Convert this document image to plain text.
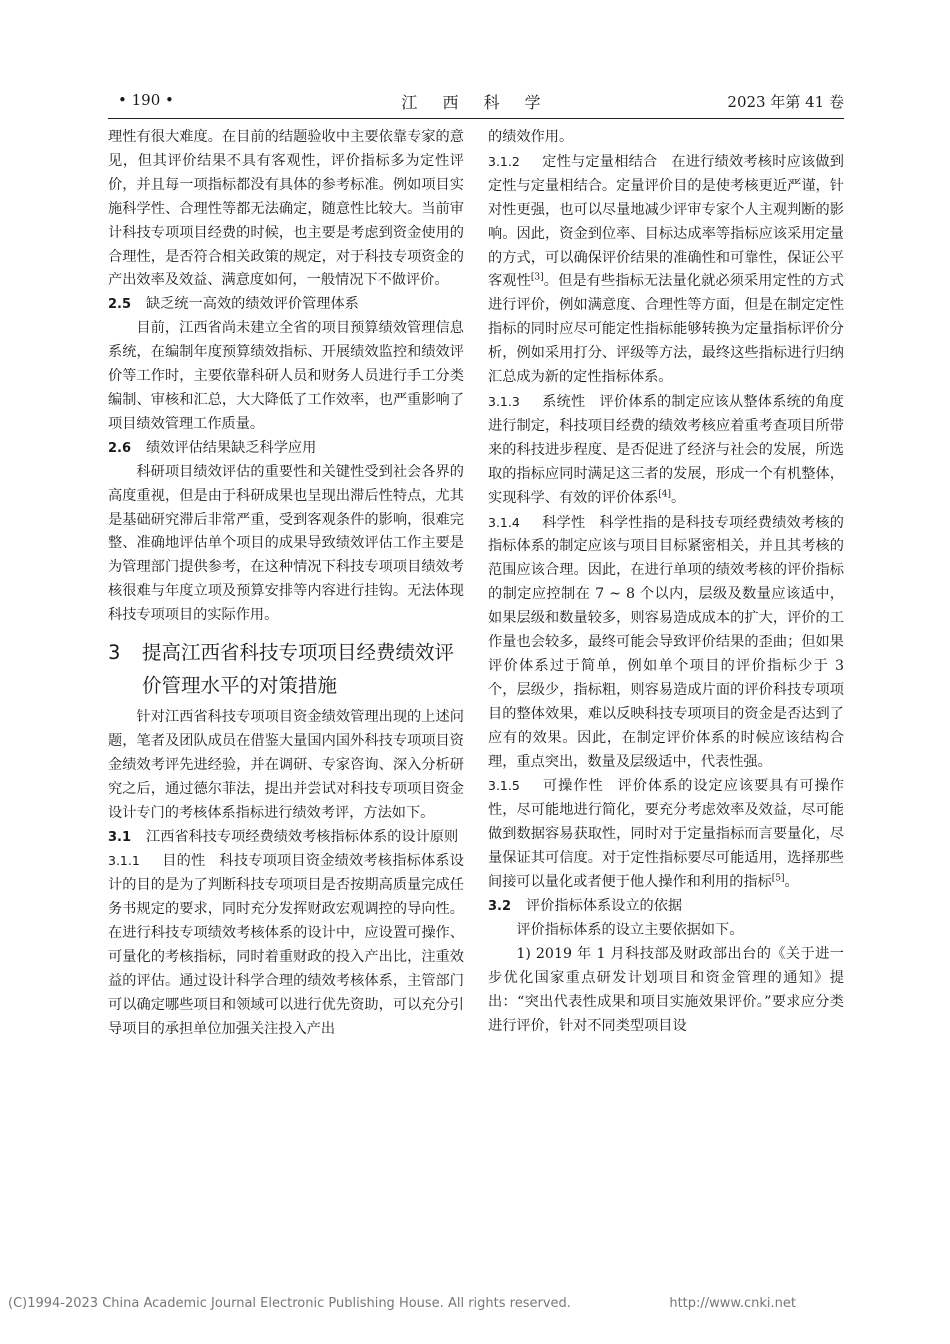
• 190 •	江 西 科 学	2023 年第 41 卷

理性有很大难度。在目前的结题验收中主要依靠专家的意见，但其评价结果不具有客观性，评价指标多为定性评价，并且每一项指标都没有具体的参考标准。例如项目实施科学性、合理性等都无法确定，随意性比较大。当前审计科技专项项目经费的时候，也主要是考虑到资金使用的合理性，是否符合相关政策的规定，对于科技专项资金的产出效率及效益、满意度如何，一般情况下不做评价。

2.5 缺乏统一高效的绩效评价管理体系

目前，江西省尚未建立全省的项目预算绩效管理信息系统，在编制年度预算绩效指标、开展绩效监控和绩效评价等工作时，主要依靠科研人员和财务人员进行手工分类编制、审核和汇总，大大降低了工作效率，也严重影响了项目绩效管理工作质量。

2.6 绩效评估结果缺乏科学应用

科研项目绩效评估的重要性和关键性受到社会各界的高度重视，但是由于科研成果也呈现出滞后性特点，尤其是基础研究滞后非常严重，受到客观条件的影响，很难完整、准确地评估单个项目的成果导致绩效评估工作主要是为管理部门提供参考，在这种情况下科技专项项目绩效考核很难与年度立项及预算安排等内容进行挂钩。无法体现科技专项项目的实际作用。

3	提高江西省科技专项项目经费绩效评价管理水平的对策措施

针对江西省科技专项项目资金绩效管理出现的上述问题，笔者及团队成员在借鉴大量国内国外科技专项项目资金绩效考评先进经验，并在调研、专家咨询、深入分析研究之后，通过德尔菲法，提出并尝试对科技专项项目资金设计专门的考核体系指标进行绩效考评，方法如下。

3.1	江西省科技专项经费绩效考核指标体系的设计原则

3.1.1 目的性 科技专项项目资金绩效考核指标体系设计的目的是为了判断科技专项项目是否按期高质量完成任务书规定的要求，同时充分发挥财政宏观调控的导向性。在进行科技专项绩效考核体系的设计中，应设置可操作、可量化的考核指标，同时着重财政的投入产出比，注重效益的评估。通过设计科学合理的绩效考核体系，主管部门可以确定哪些项目和领域可以进行优先资助，可以充分引导项目的承担单位加强关注投入产出

的绩效作用。

3.1.2 定性与定量相结合 在进行绩效考核时应该做到定性与定量相结合。定量评价目的是使考核更近严谨，针对性更强，也可以尽量地减少评审专家个人主观判断的影响。因此，资金到位率、目标达成率等指标应该采用定量的方式，可以确保评价结果的准确性和可靠性，保证公平客观性[3]。但是有些指标无法量化就必须采用定性的方式进行评价，例如满意度、合理性等方面，但是在制定定性指标的同时应尽可能定性指标能够转换为定量指标评价分析，例如采用打分、评级等方法，最终这些指标进行归纳汇总成为新的定性指标体系。

3.1.3 系统性 评价体系的制定应该从整体系统的角度进行制定，科技项目经费的绩效考核应着重考查项目所带来的科技进步程度、是否促进了经济与社会的发展，所选取的指标应同时满足这三者的发展，形成一个有机整体，实现科学、有效的评价体系[4]。

3.1.4 科学性 科学性指的是科技专项经费绩效考核的指标体系的制定应该与项目目标紧密相关，并且其考核的范围应该合理。因此，在进行单项的绩效考核的评价指标的制定应控制在 7 ~ 8 个以内，层级及数量应该适中，如果层级和数量较多，则容易造成成本的扩大，评价的工作量也会较多，最终可能会导致评价结果的歪曲；但如果评价体系过于简单，例如单个项目的评价指标少于 3 个，层级少，指标粗，则容易造成片面的评价科技专项项目的整体效果，难以反映科技专项项目的资金是否达到了应有的效果。因此，在制定评价体系的时候应该结构合理，重点突出，数量及层级适中，代表性强。

3.1.5 可操作性 评价体系的设定应该要具有可操作性，尽可能地进行简化，要充分考虑效率及效益，尽可能做到数据容易获取性，同时对于定量指标而言要量化，尽量保证其可信度。对于定性指标要尽可能适用，选择那些间接可以量化或者便于他人操作和利用的指标[5]。

3.2 评价指标体系设立的依据

评价指标体系的设立主要依据如下。

1) 2019 年 1 月科技部及财政部出台的《关于进一步优化国家重点研发计划项目和资金管理的通知》提出：“突出代表性成果和项目实施效果评价。”要求应分类进行评价，针对不同类型项目设

(C)1994-2023 China Academic Journal Electronic Publishing House. All rights reserved.	http://www.cnki.net
